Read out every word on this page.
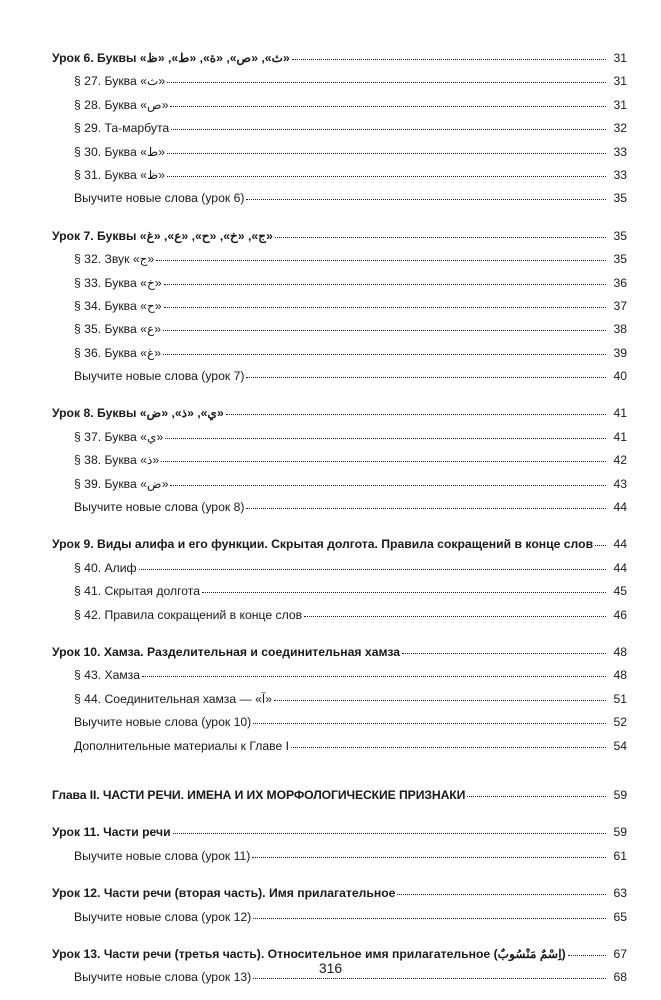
Урок 6. Буквы «ث», «ص», «ة», «ط», «ظ»	31
§ 27. Буква «ث»	31
§ 28. Буква «ص»	31
§ 29. Та-марбута	32
§ 30. Буква «ط»	33
§ 31. Буква «ظ»	33
Выучите новые слова (урок 6)	35
Урок 7. Буквы «ج», «خ», «ح», «ع», «غ»	35
§ 32. Звук «ج»	35
§ 33. Буква «خ»	36
§ 34. Буква «ح»	37
§ 35. Буква «ع»	38
§ 36. Буква «غ»	39
Выучите новые слова (урок 7)	40
Урок 8. Буквы «ي», «ذ», «ض»	41
§ 37. Буква «ي»	41
§ 38. Буква «ذ»	42
§ 39. Буква «ض»	43
Выучите новые слова (урок 8)	44
Урок 9. Виды алифа и его функции. Скрытая долгота. Правила сокращений в конце слов	44
§ 40. Алиф	44
§ 41. Скрытая долгота	45
§ 42. Правила сокращений в конце слов	46
Урок 10. Хамза. Разделительная и соединительная хамза	48
§ 43. Хамза	48
§ 44. Соединительная хамза — «آ»	51
Выучите новые слова (урок 10)	52
Дополнительные материалы к Главе I	54
Глава II. ЧАСТИ РЕЧИ. ИМЕНА И ИХ МОРФОЛОГИЧЕСКИЕ ПРИЗНАКИ	59
Урок 11. Части речи	59
Выучите новые слова (урок 11)	61
Урок 12. Части речи (вторая часть). Имя прилагательное	63
Выучите новые слова (урок 12)	65
Урок 13. Части речи (третья часть). Относительное имя прилагательное (اِسْمٌ مَنْسُوبٌ)	67
Выучите новые слова (урок 13)	68
316
